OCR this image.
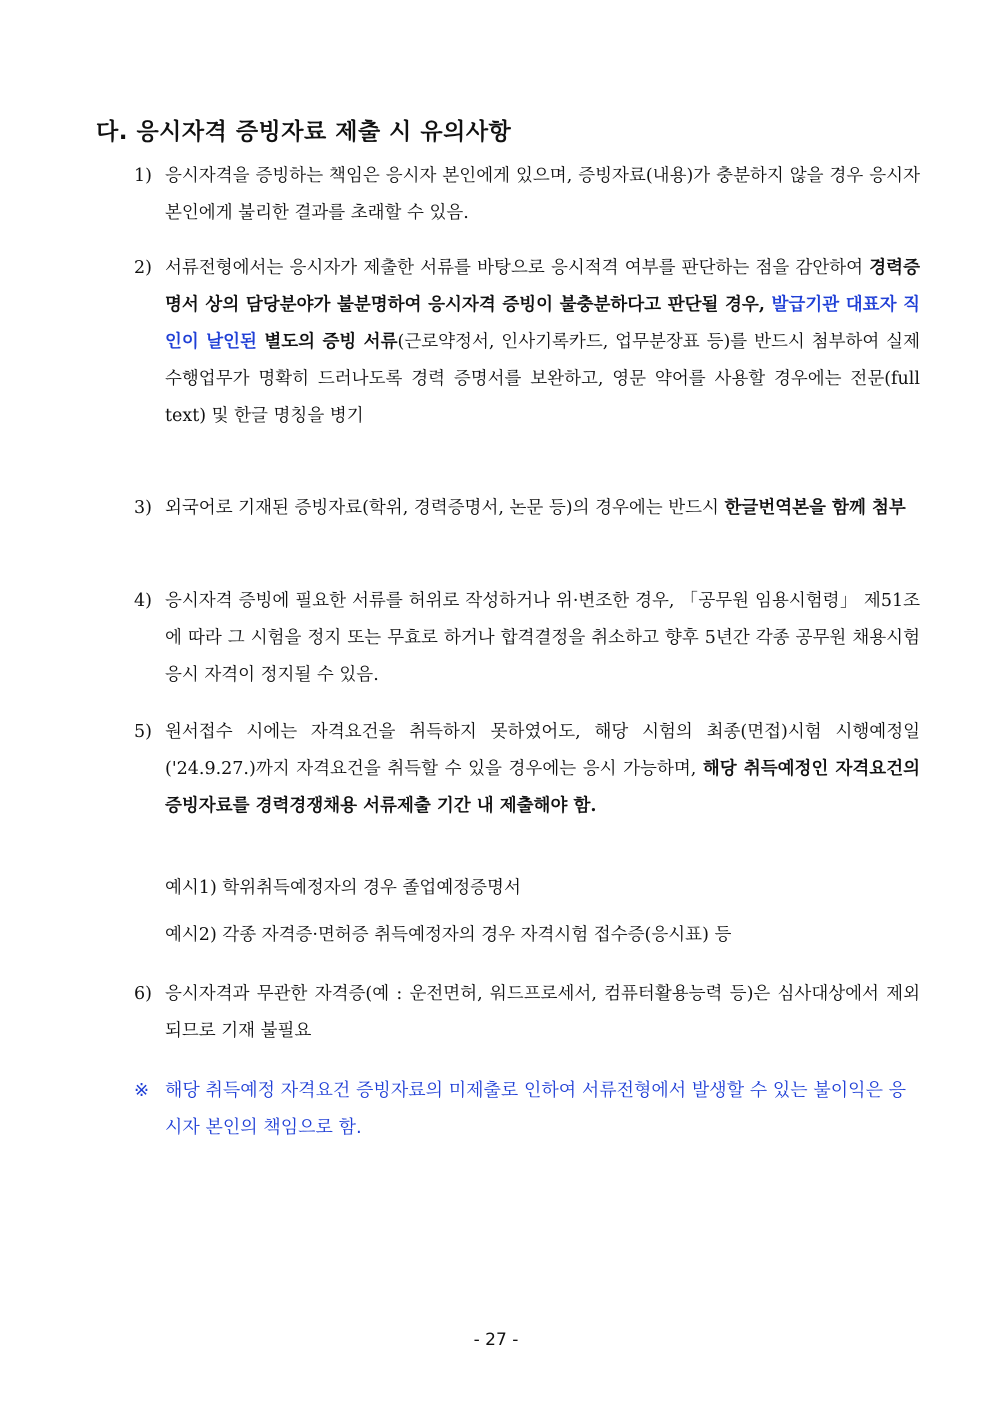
다. 응시자격 증빙자료 제출 시 유의사항
1) 응시자격을 증빙하는 책임은 응시자 본인에게 있으며, 증빙자료(내용)가 충분하지 않을 경우 응시자 본인에게 불리한 결과를 초래할 수 있음.
2) 서류전형에서는 응시자가 제출한 서류를 바탕으로 응시적격 여부를 판단하는 점을 감안하여 경력증명서 상의 담당분야가 불분명하여 응시자격 증빙이 불충분하다고 판단될 경우, 발급기관 대표자 직인이 날인된 별도의 증빙 서류(근로약정서, 인사기록카드, 업무분장표 등)를 반드시 첨부하여 실제 수행업무가 명확히 드러나도록 경력 증명서를 보완하고, 영문 약어를 사용할 경우에는 전문(full text) 및 한글 명칭을 병기
3) 외국어로 기재된 증빙자료(학위, 경력증명서, 논문 등)의 경우에는 반드시 한글번역본을 함께 첨부
4) 응시자격 증빙에 필요한 서류를 허위로 작성하거나 위·변조한 경우, 「공무원 임용시험령」 제51조에 따라 그 시험을 정지 또는 무효로 하거나 합격결정을 취소하고 향후 5년간 각종 공무원 채용시험 응시 자격이 정지될 수 있음.
5) 원서접수 시에는 자격요건을 취득하지 못하였어도, 해당 시험의 최종(면접)시험 시행예정일('24.9.27.)까지 자격요건을 취득할 수 있을 경우에는 응시 가능하며, 해당 취득예정인 자격요건의 증빙자료를 경력경쟁채용 서류제출 기간 내 제출해야 함.
예시1) 학위취득예정자의 경우 졸업예정증명서
예시2) 각종 자격증·면허증 취득예정자의 경우 자격시험 접수증(응시표) 등
6) 응시자격과 무관한 자격증(예 : 운전면허, 워드프로세서, 컴퓨터활용능력 등)은 심사대상에서 제외되므로 기재 불필요
※ 해당 취득예정 자격요건 증빙자료의 미제출로 인하여 서류전형에서 발생할 수 있는 불이익은 응시자 본인의 책임으로 함.
- 27 -
